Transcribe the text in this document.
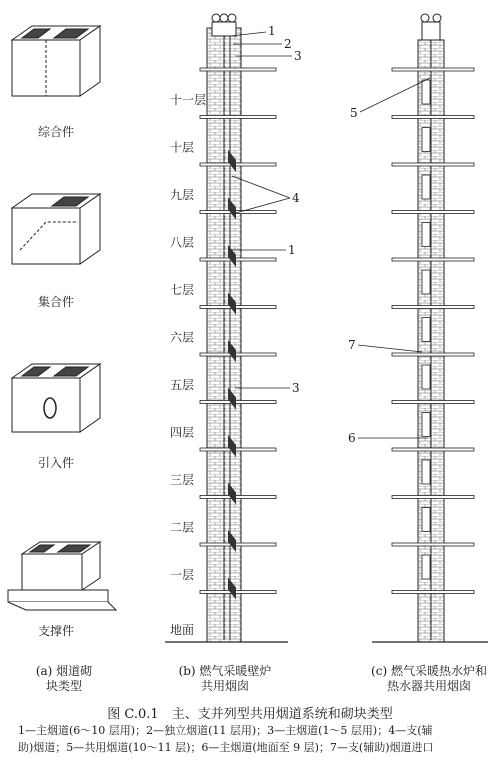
十一层
十层
九层
八层
七层
六层
五层
四层
三层
二层
一层
地面
综合件
集合件
引入件
支撑件
1
2
3
4
1
3
5
7
6
(a) 烟道砌
块类型
(b) 燃气采暖壁炉
共用烟囱
(c) 燃气采暖热水炉和
热水器共用烟囱
图 C.0.1　主、支并列型共用烟道系统和砌块类型
1—主烟道(6～10 层用)；2—独立烟道(11 层用)；3—主烟道(1～5 层用)；4—支(辅
助)烟道；5—共用烟道(10～11 层)；6—主烟道(地面至 9 层)；7—支(辅助)烟道进口
